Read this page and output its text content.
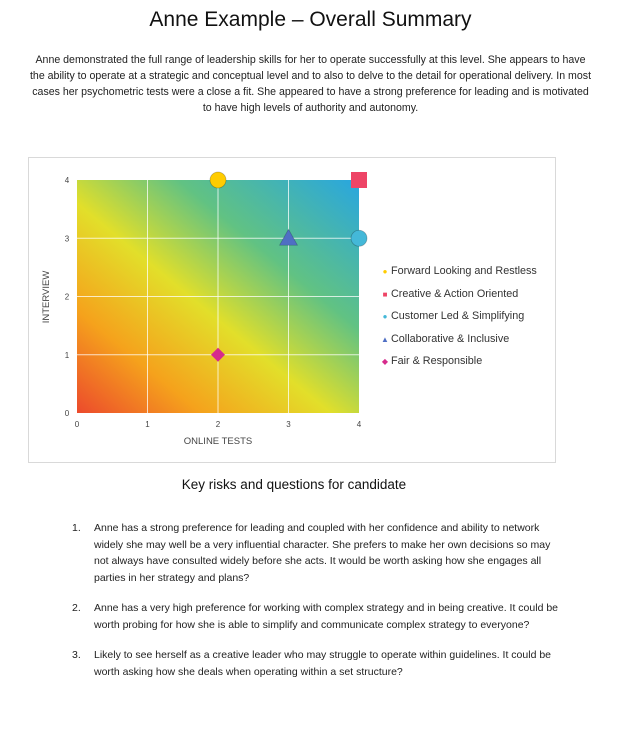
Anne Example – Overall Summary
Anne demonstrated the full range of leadership skills for her to operate successfully at this level. She appears to have the ability to operate at a strategic and conceptual level and to also to delve to the detail for operational delivery. In most cases her psychometric tests were a close a fit. She appeared to have a strong preference for leading and is motivated to have high levels of authority and autonomy.
0	1	2	3	4
0
1
2
3
4
ONLINE TESTS
INTERVIEW	● Forward Looking and Restless
■ Creative & Action Oriented
● Customer Led & Simplifying
▲ Collaborative & Inclusive
◆ Fair & Responsible
Key risks and questions for candidate
1. Anne has a strong preference for leading and coupled with her confidence and ability to network widely she may well be a very influential character. She prefers to make her own decisions so may not always have consulted widely before she acts. It would be worth asking how she engages all parties in her strategy and plans?
2. Anne has a very high preference for working with complex strategy and in being creative. It could be worth probing for how she is able to simplify and communicate complex strategy to everyone?
3. Likely to see herself as a creative leader who may struggle to operate within guidelines. It could be worth asking how she deals when operating within a set structure?
